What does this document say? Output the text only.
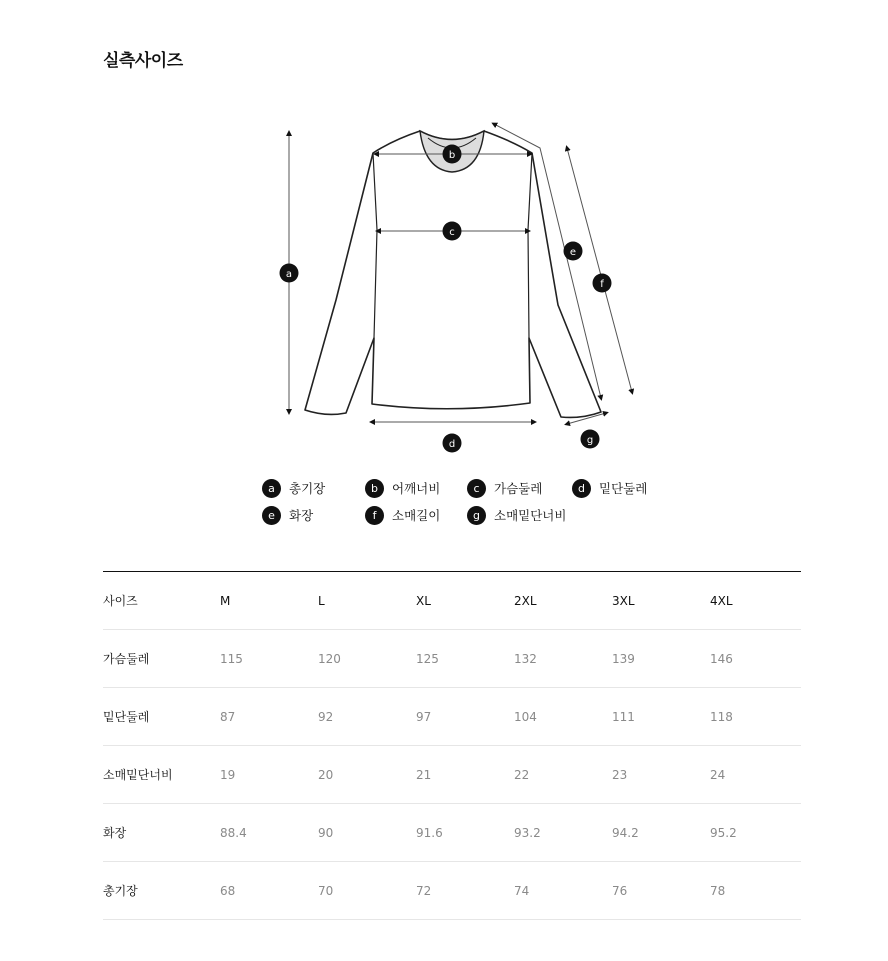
실측사이즈
a
b
c
d
e
f
g
a	총기장	b	어깨너비	c	가슴둘레	d	밑단둘레
e	화장	f	소매길이	g	소매밑단너비
사이즈	M	L	XL	2XL	3XL	4XL
가슴둘레	115	120	125	132	139	146
밑단둘레	87	92	97	104	111	118
소매밑단너비	19	20	21	22	23	24
화장	88.4	90	91.6	93.2	94.2	95.2
총기장	68	70	72	74	76	78
